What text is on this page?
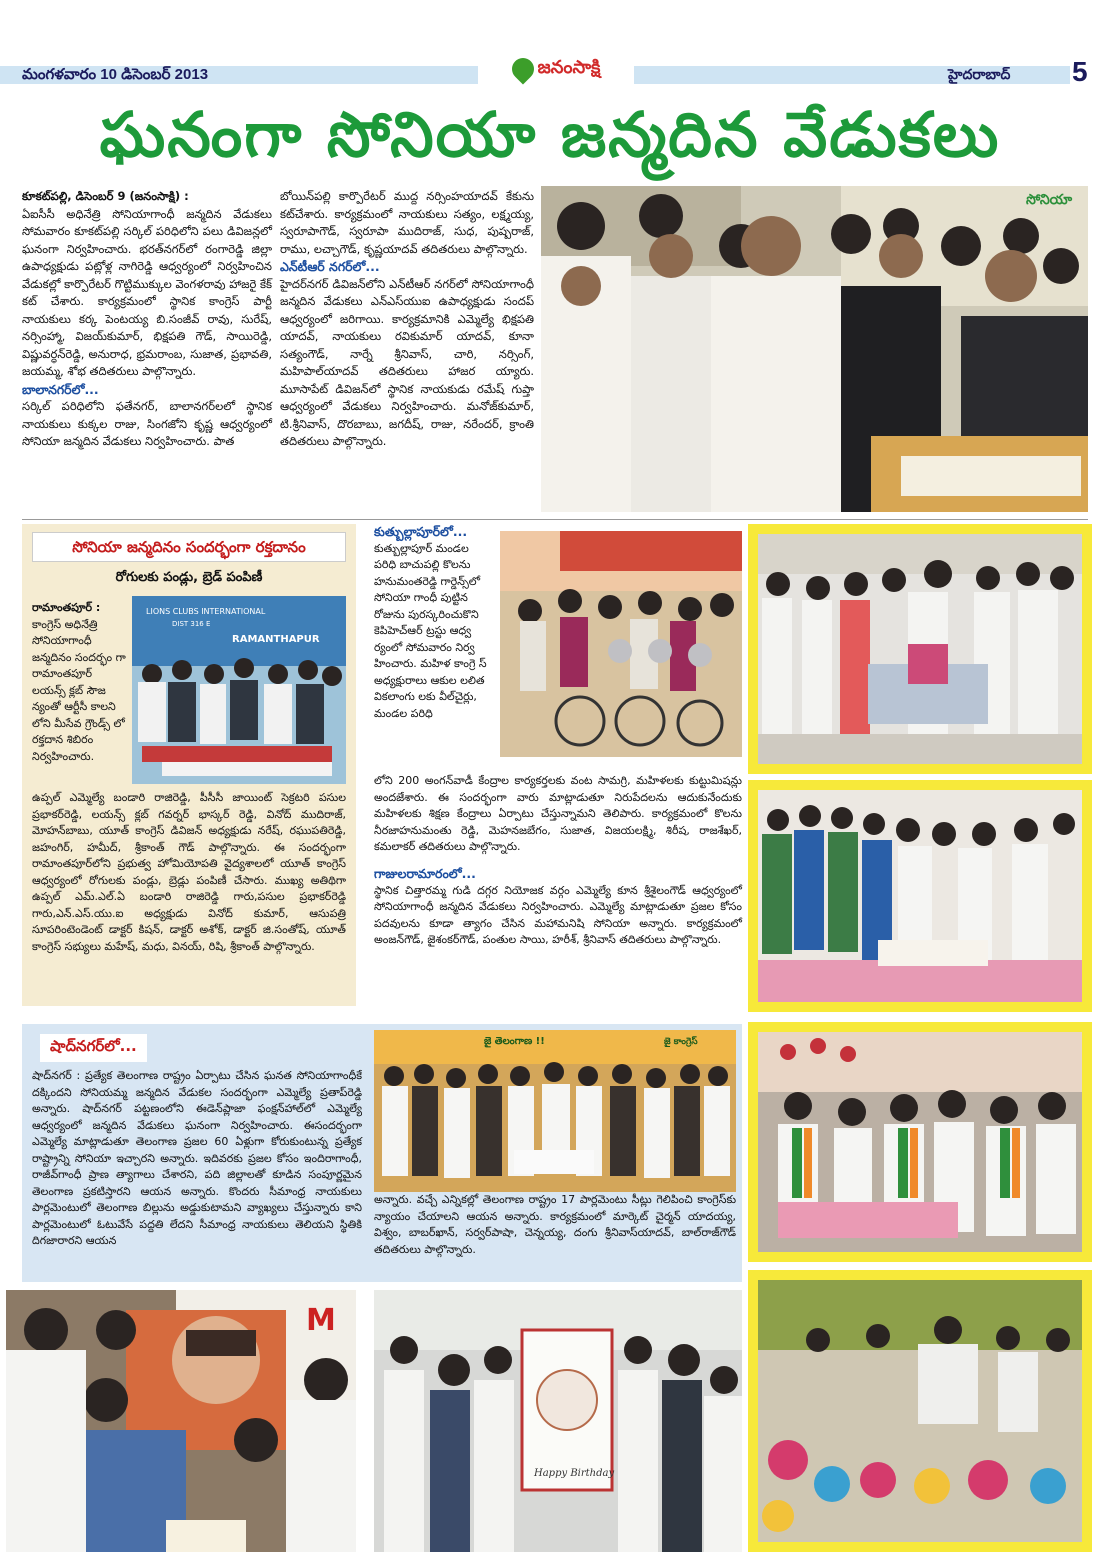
మంగళవారం 10 డిసెంబర్ 2013	జనంసాక్షి	హైదరాబాద్ 5
ఘనంగా సోనియా జన్మదిన వేడుకలు

కూకట్‌పల్లి, డిసెంబర్ 9 (జనంసాక్షి) :

ఏఐసీసీ అధినేత్రి సోనియాగాంధీ జన్మదిన వేడుకలు సోమవారం కూకట్‌పల్లి సర్కిల్ పరిధిలోని పలు డివిజన్లలో ఘనంగా నిర్వహించారు. భరత్‌నగర్‌లో రంగారెడ్డి జిల్లా ఉపాధ్యక్షుడు పట్లోళ్ల నాగిరెడ్డి ఆధ్వర్యంలో నిర్వహించిన వేడుకల్లో కార్పొరేటర్ గొట్టిముక్కుల వెంగళరావు హాజరై కేక్ కట్ చేశారు. కార్యక్రమంలో స్థానిక కాంగ్రెస్ పార్టీ నాయకులు కర్క పెంటయ్య బి.సంజీవ్ రావు, సురేష్, నర్సింహ్మా, విజయ్‌కుమార్, భిక్షపతి గౌడ్, సాయిరెడ్డి, విష్ణువర్ధన్‌రెడ్డి, అనురాధ, భ్రమరాంబ, సుజాత, ప్రభావతి, జయమ్మ, శోభ తదితరులు పాల్గొన్నారు.

బాలానగర్‌లో...

సర్కిల్ పరిధిలోని ఫతేనగర్, బాలానగర్‌లలో స్థానిక నాయకులు కుక్కల రాజు, సింగజోని కృష్ణ ఆధ్వర్యంలో సోనియా జన్మదిన వేడుకలు నిర్వహించారు. పాత

బోయిన్‌పల్లి కార్పొరేటర్ ముద్ద నర్సింహయాదవ్ కేకును కట్‌చేశారు. కార్యక్రమంలో నాయకులు సత్యం, లక్ష్మయ్య, స్వరూపాగౌడ్, స్వరూపా ముదిరాజ్, సుధ, పుష్పరాజ్, రాము, లచ్చాగౌడ్, కృష్ణయాదవ్ తదితరులు పాల్గొన్నారు.

ఎన్‌టీఆర్ నగర్‌లో...

హైదర్‌నగర్ డివిజన్‌లోని ఎన్‌టీఆర్ నగర్‌లో సోనియాగాంధీ జన్మదిన వేడుకలు ఎన్ఎస్‌యుఐ ఉపాధ్యక్షుడు సందప్ ఆధ్వర్యంలో జరిగాయి. కార్యక్రమానికి ఎమ్మెల్యే భిక్షపతి యాదవ్, నాయకులు రవికుమార్ యాదవ్, కూనా సత్యంగౌడ్, నార్నే శ్రీనివాస్, చారి, నర్సింగ్, మహిపాల్‌యాదవ్ తదితరులు హాజర య్యారు. మూసాపేట్ డివిజన్‌లో స్థానిక నాయకుడు రమేష్ గుప్తా ఆధ్వర్యంలో వేడుకలు నిర్వహించారు. మనోజ్‌కుమార్, టి.శ్రీనివాస్, దొరబాబు, జగదీష్, రాజు, నరేందర్, క్రాంతి తదితరులు పాల్గొన్నారు.

సోనియా
సోనియా జన్మదినం సందర్భంగా రక్తదానం
రోగులకు పండ్లు, బ్రెడ్ పంపిణీ

రామాంతపూర్ :

కాంగ్రెస్ అధినేత్రి సోనియాగాంధీ జన్మదినం సందర్భం గా రామాంతపూర్ లయన్స్ క్లబ్ సౌజ న్యంతో ఆర్టీసీ కాలని లోని మీసేవ గ్రౌండ్స్ లో రక్తదాన శిబిరం నిర్వహించారు.

LIONS CLUBS INTERNATIONAL
DIST 316 E
RAMANTHAPUR

ఉప్పల్ ఎమ్మెల్యే బండారి రాజిరెడ్డి, పీసీసీ జాయింట్ సెక్రటరి పసుల ప్రభాకర్‌రెడ్డి, లయన్స్ క్లబ్ గవర్నర్ భాస్కర్ రెడ్డి, వినోద్ ముదిరాజ్, మోహన్‌బాబు, యూత్ కాంగ్రెస్ డివిజన్ అధ్యక్షుడు నరేష్, రఘుపతిరెడ్డి, జహంగిర్, హమీద్, శ్రీకాంత్ గౌడ్ పాల్గొన్నారు. ఈ సందర్భంగా రామాంతపూర్‌లోని ప్రభుత్వ హోమియోపతి వైద్యశాలలో యూత్ కాంగ్రెస్ ఆధ్వర్యంలో రోగులకు పండ్లు, బ్రెడ్లు పంపిణీ చేసారు. ముఖ్య అతిథిగా ఉప్పల్ ఎమ్.ఎల్.ఏ బండారి రాజిరెడ్డి గారు,పసుల ప్రభాకర్‌రెడ్డి గారు,ఎన్.ఎస్.యు.ఐ అధ్యక్షుడు వినోద్ కుమార్, ఆసుపత్రి సూపరింటెండెంట్ డాక్టర్ కిషన్, డాక్టర్ అశోక్, డాక్టర్ జి.సంతోష్, యూత్ కాంగ్రెస్ సభ్యులు మహేష్, మధు, వినయ్, రిషి, శ్రీకాంత్ పాల్గొన్నారు.

కుత్బుల్లాపూర్‌లో...

కుత్బుల్లాపూర్ మండల పరిధి బాచుపల్లి కొలను హనుమంతరెడ్డి గార్డెన్స్‌లో సోనియా గాంధీ పుట్టిన రోజును పురస్కరించుకొని కెపిహెచ్‌ఆర్ ట్రస్టు ఆధ్వ ర్యంలో సోమవారం నిర్వ హించారు. మహిళ కాంగ్రె స్ అధ్యక్షురాలు ఆకుల లలిత వికలాంగు లకు వీల్‌చైర్లు, మండల పరిధి

లోని 200 అంగన్‌వాడీ కేంద్రాల కార్యకర్తలకు వంట సామగ్రి, మహిళలకు కుట్టుమిషన్లు అందజేశారు. ఈ సందర్భంగా వారు మాట్లాడుతూ నిరుపేదలను ఆదుకునేందుకు మహిళలకు శిక్షణ కేంద్రాలు ఏర్పాటు చేస్తున్నామని తెలిపారు. కార్యక్రమంలో కొలను నీరజాహనుమంతు రెడ్డి, మెహనజబేగం, సుజాత, విజయలక్ష్మి, శిరీష, రాజశేఖర్, కమలాకర్ తదితరులు పాల్గొన్నారు.

గాజులరామారంలో...

స్థానిక చిత్తారమ్మ గుడి దగ్గర నియోజక వర్గం ఎమ్మెల్యే కూన శ్రీశైలంగౌడ్ ఆధ్వర్యంలో సోనియాగాంధీ జన్మదిన వేడుకలు నిర్వహించారు. ఎమ్మెల్యే మాట్లాడుతూ ప్రజల కోసం పదవులను కూడా త్యాగం చేసిన మహామనిషి సోనియా అన్నారు. కార్యక్రమంలో అంజన్‌గౌడ్, జైశంకర్‌గౌడ్, పంతుల సాయి, హరీశ్, శ్రీనివాస్ తదితరులు పాల్గొన్నారు.

షాద్‌నగర్‌లో...

షాద్‌నగర్ : ప్రత్యేక తెలంగాణ రాష్ట్రం ఏర్పాటు చేసిన ఘనత సోనియాగాంధీకే దక్కిందని సోనియమ్మ జన్మదిన వేడుకల సందర్భంగా ఎమ్మెల్యే ప్రతాప్‌రెడ్డి అన్నారు. షాద్‌నగర్ పట్టణంలోని ఈడెన్‌ప్లాజా ఫంక్షన్‌హాల్‌లో ఎమ్మెల్యే ఆధ్వర్యంలో జన్మదిన వేడుకలు ఘనంగా నిర్వహించారు. ఈసందర్భంగా ఎమ్మెల్యే మాట్లాడుతూ తెలంగాణ ప్రజల 60 ఏళ్లుగా కోరుకుంటున్న ప్రత్యేక రాష్ట్రాన్ని సోనియా ఇచ్చారని అన్నారు. ఇదివరకు ప్రజల కోసం ఇందిరాగాంధీ, రాజీవ్‌గాంధీ ప్రాణ త్యాగాలు చేశారని, పది జిల్లాలతో కూడిన సంపూర్ణమైన తెలంగాణ ప్రకటిస్తారని ఆయన అన్నారు. కొందరు సీమాంధ్ర నాయకులు పార్లమెంటులో తెలంగాణ బిల్లును అడ్డుకుటామని వ్యాఖ్యలు చేస్తున్నారు కాని పార్లమెంటులో ఓటువేసే పద్దతి లేదని సీమాంధ్ర నాయకులు తెలియని స్థితికి దిగజారారని ఆయన

జై తెలంగాణ !!	జై కాంగ్రెస్

అన్నారు. వచ్చే ఎన్నికల్లో తెలంగాణ రాష్ట్రం 17 పార్లమెంటు సీట్లు గెలిపించి కాంగ్రెస్‌కు న్యాయం చేయాలని ఆయన అన్నారు. కార్యక్రమంలో మార్కెట్ చైర్మన్ యాదయ్య, విశ్వం, బాబర్‌ఖాన్, సర్వర్‌పాషా, చెన్నయ్య, దంగు శ్రీనివాస్‌యాదవ్, బాల్‌రాజ్‌గౌడ్ తదితరులు పాల్గొన్నారు.

M
Happy Birthday
